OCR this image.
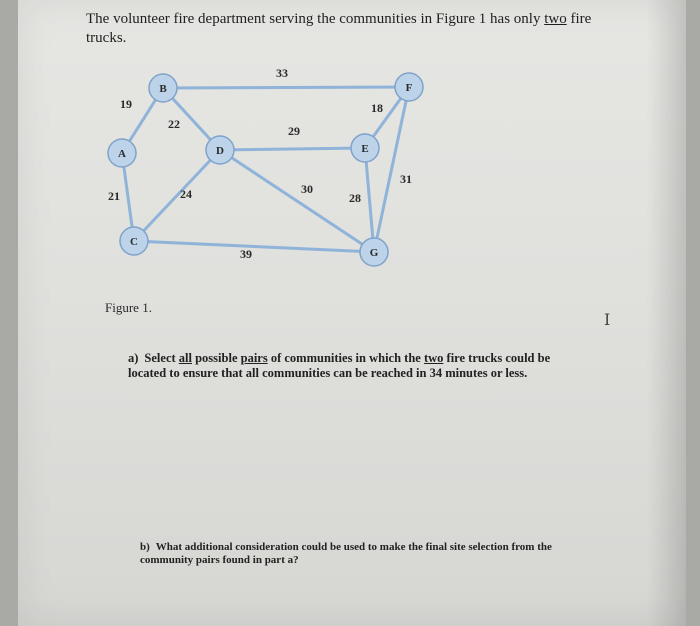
The volunteer fire department serving the communities in Figure 1 has only two fire trucks.
A
B
C
D	E
F
G
19
21
22
33
24
39
29
30
18
28
31
Figure 1.
I
a) Select all possible pairs of communities in which the two fire trucks could be located to ensure that all communities can be reached in 34 minutes or less.
b) What additional consideration could be used to make the final site selection from the community pairs found in part a?
